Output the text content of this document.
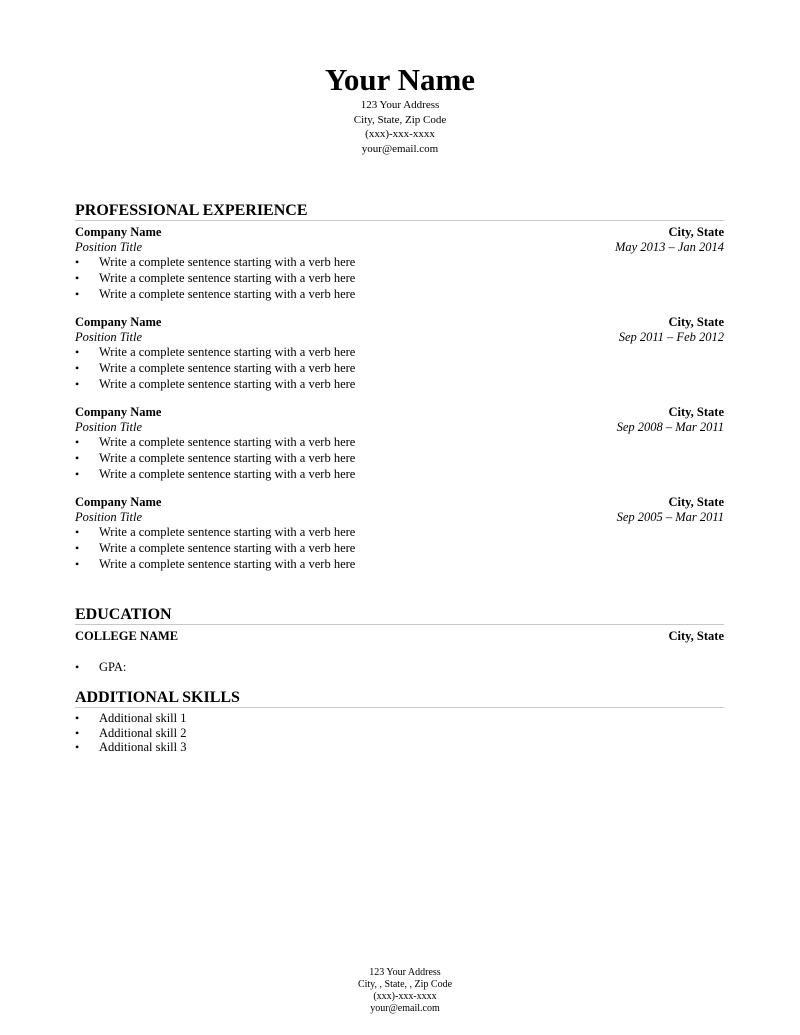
Your Name
123 Your Address
City, State, Zip Code
(xxx)-xxx-xxxx
your@email.com
PROFESSIONAL EXPERIENCE
Company Name	City, State
Position Title	May 2013 – Jan 2014
•	Write a complete sentence starting with a verb here
•	Write a complete sentence starting with a verb here
•	Write a complete sentence starting with a verb here
Company Name	City, State
Position Title	Sep 2011 – Feb 2012
•	Write a complete sentence starting with a verb here
•	Write a complete sentence starting with a verb here
•	Write a complete sentence starting with a verb here
Company Name	City, State
Position Title	Sep 2008 – Mar 2011
•	Write a complete sentence starting with a verb here
•	Write a complete sentence starting with a verb here
•	Write a complete sentence starting with a verb here
Company Name	City, State
Position Title	Sep 2005 – Mar 2011
•	Write a complete sentence starting with a verb here
•	Write a complete sentence starting with a verb here
•	Write a complete sentence starting with a verb here
EDUCATION
COLLEGE NAME	City, State
•	GPA:
ADDITIONAL SKILLS
•	Additional skill 1
•	Additional skill 2
•	Additional skill 3

123 Your Address
City, , State, , Zip Code
(xxx)-xxx-xxxx
your@email.com
